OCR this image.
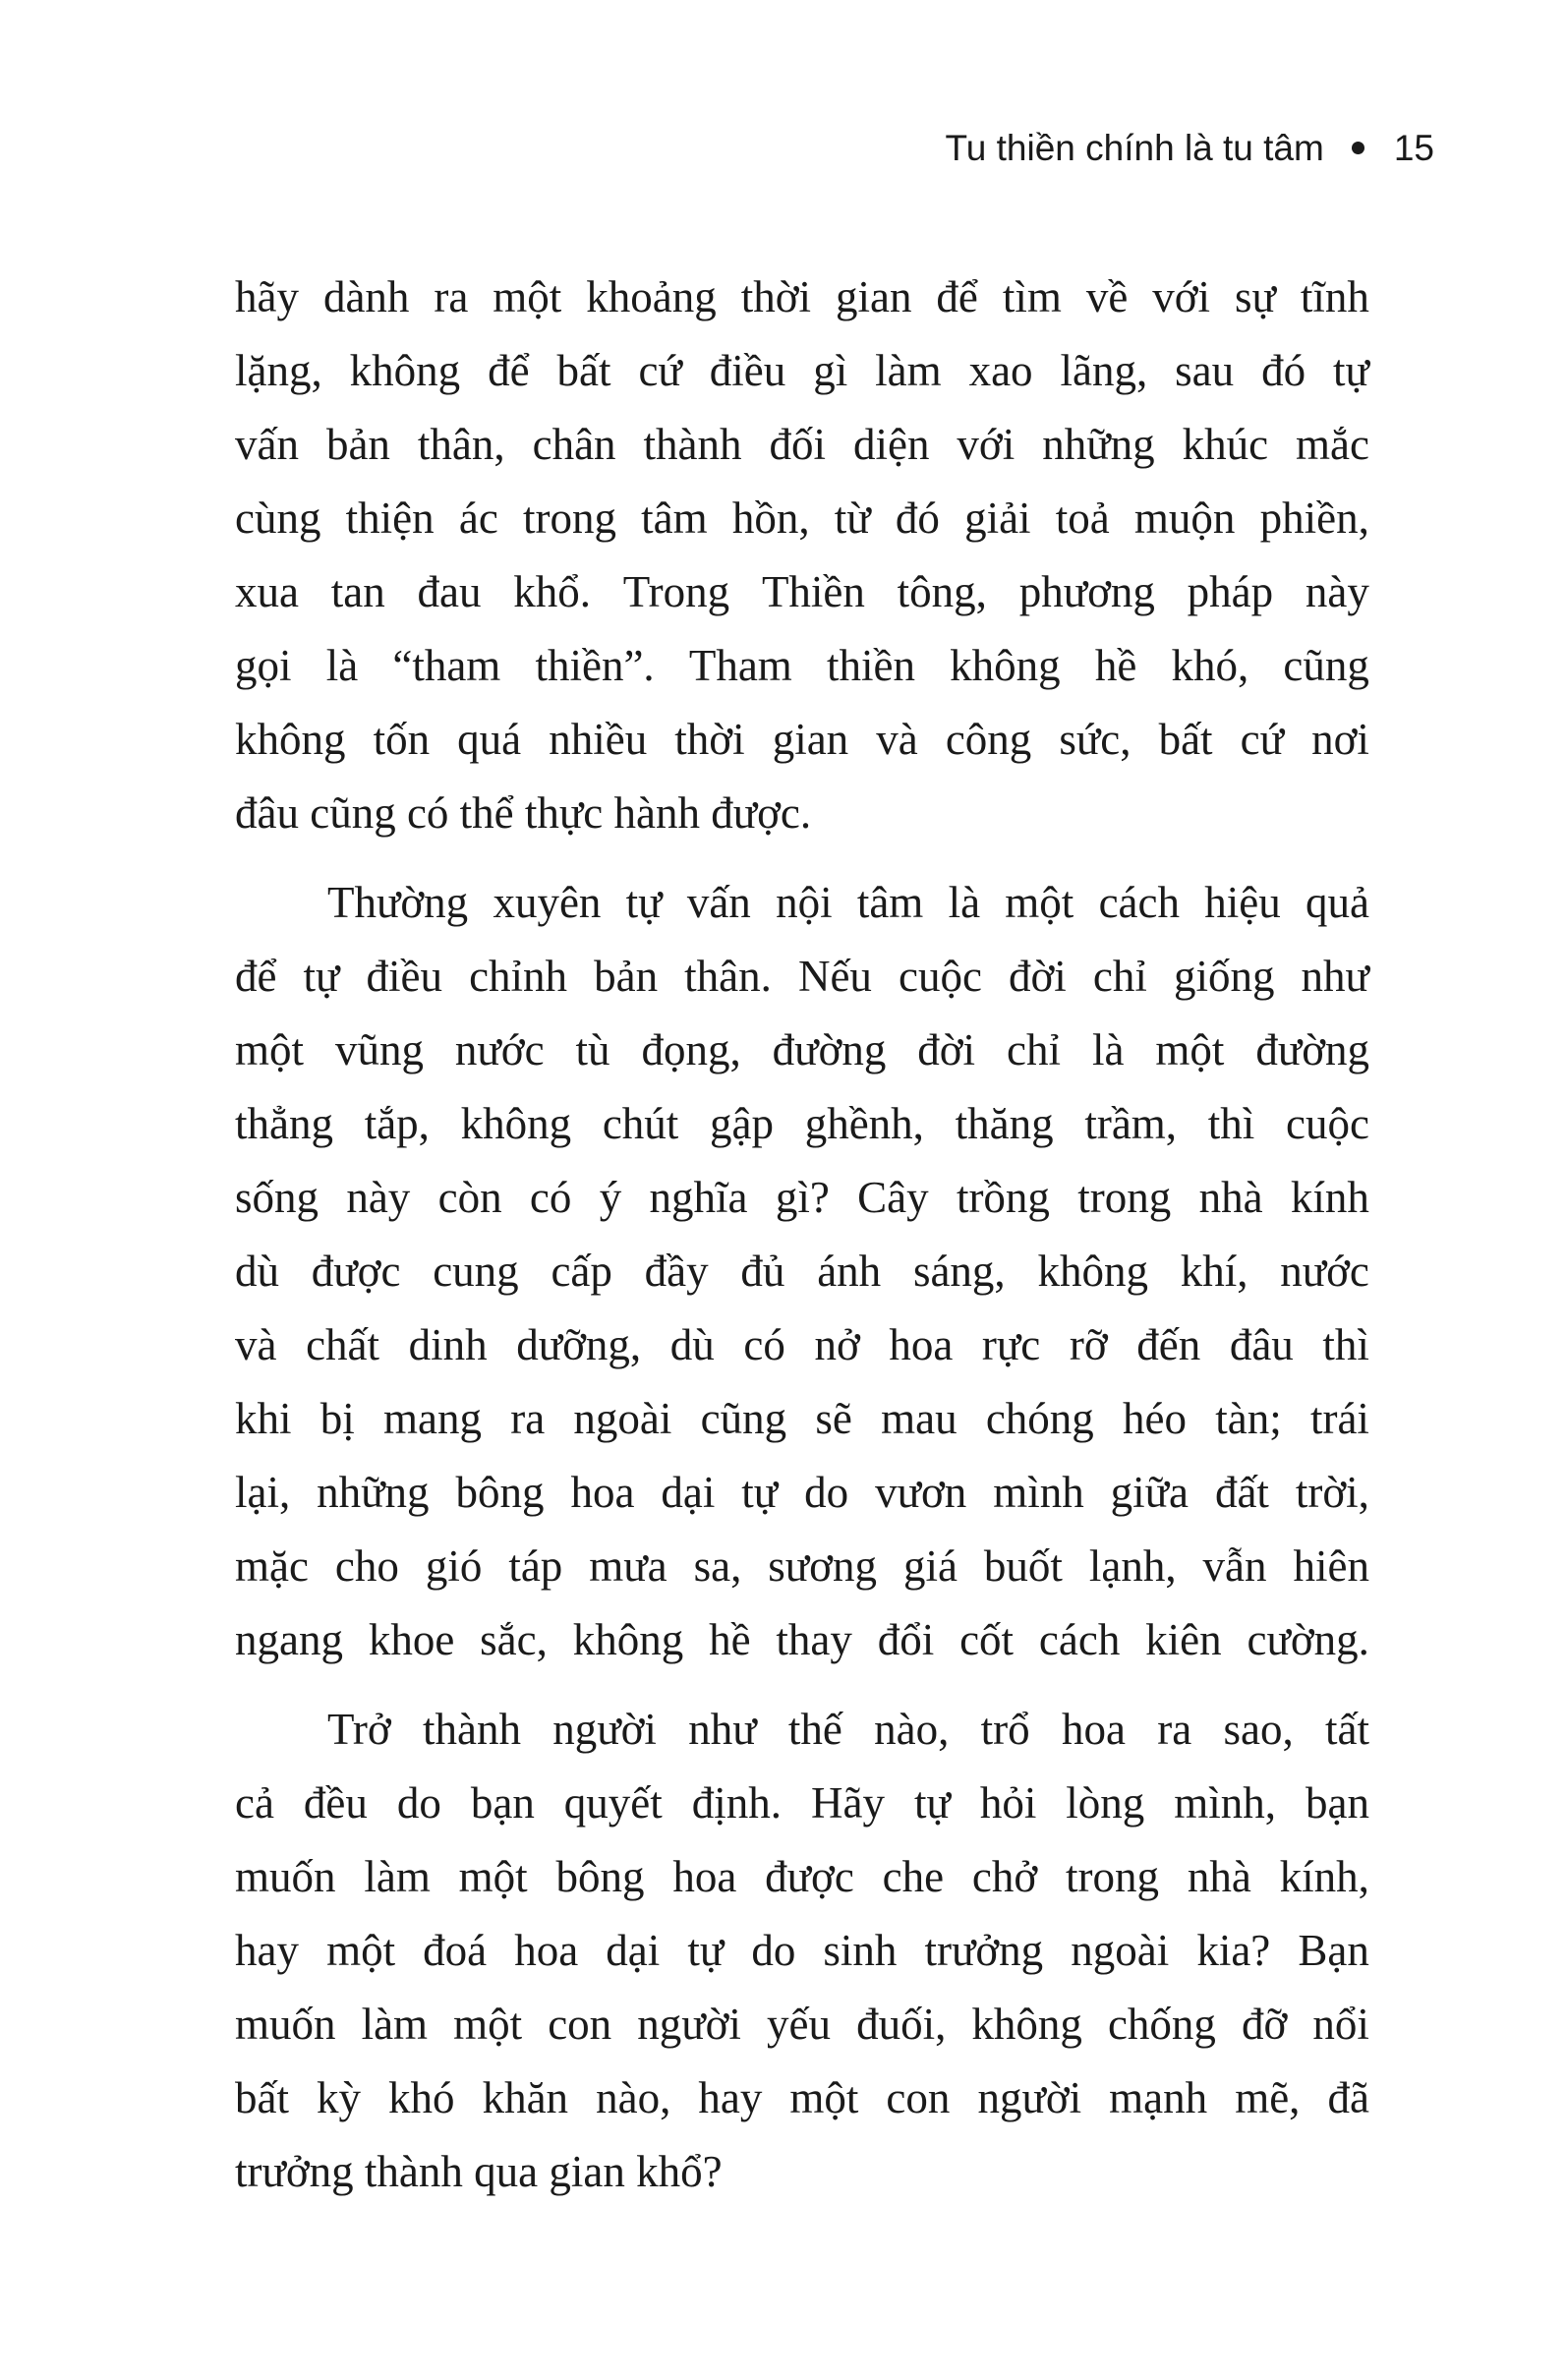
Tu thiền chính là tu tâm 15

hãy dành ra một khoảng thời gian để tìm về với sự tĩnh
lặng, không để bất cứ điều gì làm xao lãng, sau đó tự
vấn bản thân, chân thành đối diện với những khúc mắc
cùng thiện ác trong tâm hồn, từ đó giải toả muộn phiền,
xua tan đau khổ. Trong Thiền tông, phương pháp này
gọi là “tham thiền”. Tham thiền không hề khó, cũng
không tốn quá nhiều thời gian và công sức, bất cứ nơi
đâu cũng có thể thực hành được.

Thường xuyên tự vấn nội tâm là một cách hiệu quả
để tự điều chỉnh bản thân. Nếu cuộc đời chỉ giống như
một vũng nước tù đọng, đường đời chỉ là một đường
thẳng tắp, không chút gập ghềnh, thăng trầm, thì cuộc
sống này còn có ý nghĩa gì? Cây trồng trong nhà kính
dù được cung cấp đầy đủ ánh sáng, không khí, nước
và chất dinh dưỡng, dù có nở hoa rực rỡ đến đâu thì
khi bị mang ra ngoài cũng sẽ mau chóng héo tàn; trái
lại, những bông hoa dại tự do vươn mình giữa đất trời,
mặc cho gió táp mưa sa, sương giá buốt lạnh, vẫn hiên
ngang khoe sắc, không hề thay đổi cốt cách kiên cường.

Trở thành người như thế nào, trổ hoa ra sao, tất
cả đều do bạn quyết định. Hãy tự hỏi lòng mình, bạn
muốn làm một bông hoa được che chở trong nhà kính,
hay một đoá hoa dại tự do sinh trưởng ngoài kia? Bạn
muốn làm một con người yếu đuối, không chống đỡ nổi
bất kỳ khó khăn nào, hay một con người mạnh mẽ, đã
trưởng thành qua gian khổ?
